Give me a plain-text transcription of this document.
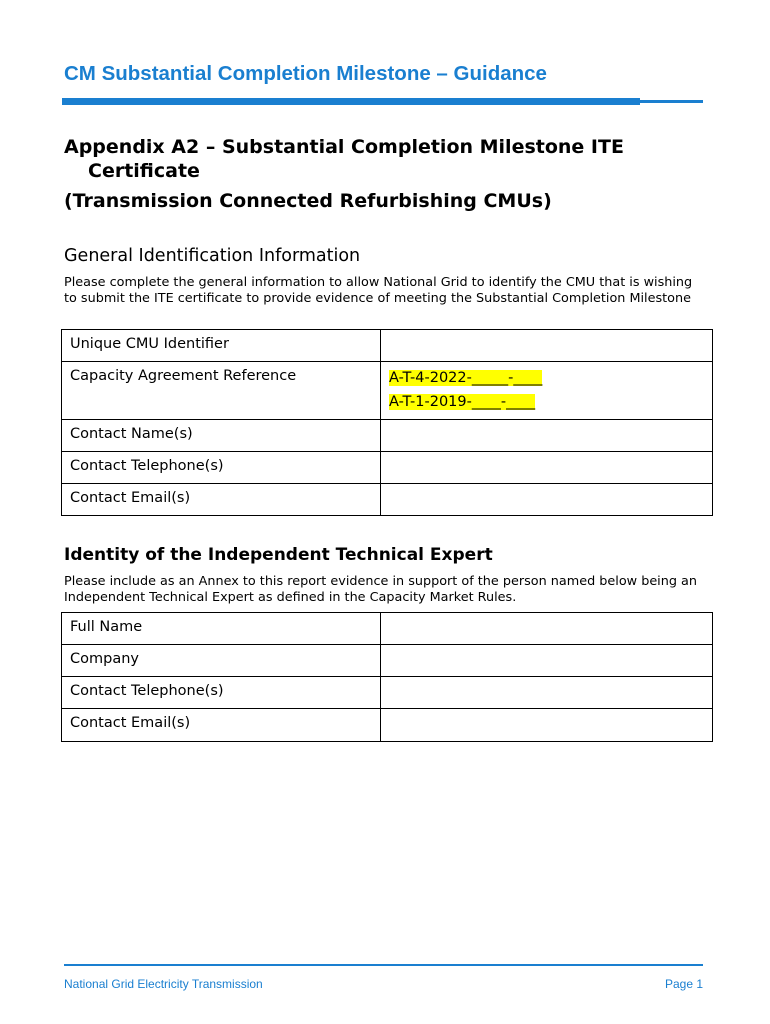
CM Substantial Completion Milestone – Guidance
Appendix A2 – Substantial Completion Milestone ITE
Certificate
(Transmission Connected Refurbishing CMUs)
General Identification Information
Please complete the general information to allow National Grid to identify the CMU that is wishing to submit the ITE certificate to provide evidence of meeting the Substantial Completion Milestone
Unique CMU Identifier	

Capacity Agreement Reference	A-T-4-2022-_____-____
A-T-1-2019-____-____

Contact Name(s)	

Contact Telephone(s)	

Contact Email(s)	

Identity of the Independent Technical Expert
Please include as an Annex to this report evidence in support of the person named below being an Independent Technical Expert as defined in the Capacity Market Rules.
Full Name	

Company	

Contact Telephone(s)	

Contact Email(s)	

National Grid Electricity Transmission	Page 1
